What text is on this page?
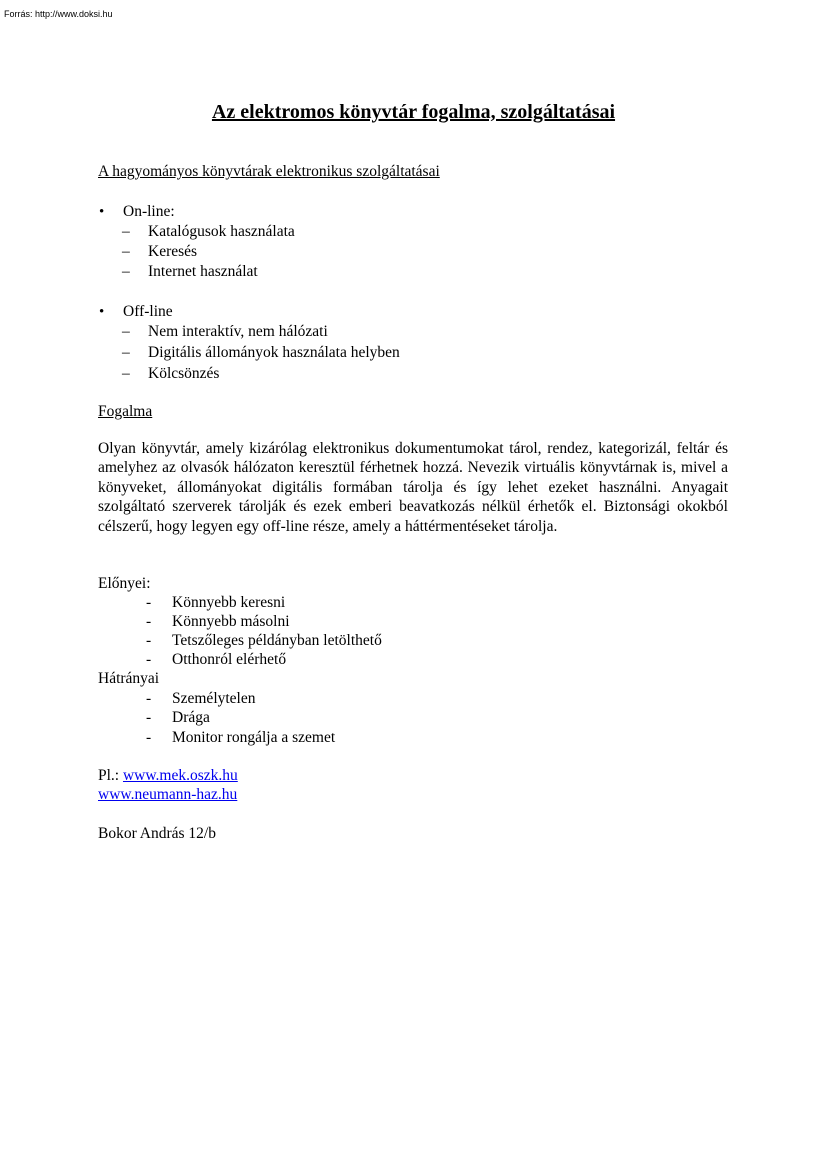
Forrás: http://www.doksi.hu
Az elektromos könyvtár fogalma, szolgáltatásai
A hagyományos könyvtárak elektronikus szolgáltatásai
• On-line:
– Katalógusok használata
– Keresés
– Internet használat
• Off-line
– Nem interaktív, nem hálózati
– Digitális állományok használata helyben
– Kölcsönzés
Fogalma

Olyan könyvtár, amely kizárólag elektronikus dokumentumokat tárol, rendez, kategorizál, feltár és amelyhez az olvasók hálózaton keresztül férhetnek hozzá. Nevezik virtuális könyvtárnak is, mivel a könyveket, állományokat digitális formában tárolja és így lehet ezeket használni. Anyagait szolgáltató szerverek tárolják és ezek emberi beavatkozás nélkül érhetők el. Biztonsági okokból célszerű, hogy legyen egy off-line része, amely a háttérmentéseket tárolja.

Előnyei:
- Könnyebb keresni
- Könnyebb másolni
- Tetszőleges példányban letölthető
- Otthonról elérhető
Hátrányai
- Személytelen
- Drága
- Monitor rongálja a szemet
Pl.: www.mek.oszk.hu
www.neumann-haz.hu
Bokor András 12/b
